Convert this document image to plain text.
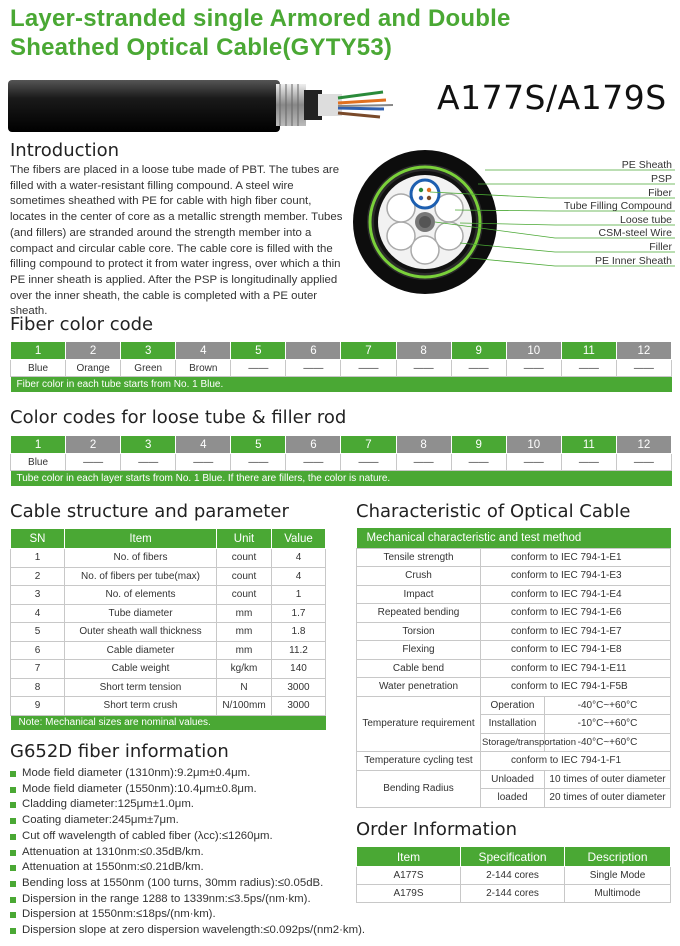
Layer-stranded single Armored and Double
Sheathed Optical Cable(GYTY53)
A177S/A179S
Introduction
The fibers are placed in a loose tube made of PBT. The tubes are filled with a water-resistant filling compound. A steel wire sometimes sheathed with PE for cable with high fiber count, locates in the center of core as a metallic strength member. Tubes (and fillers) are stranded around the strength member into a compact and circular cable core. The cable core is filled with the filling compound to protect it from water ingress, over which a thin PE inner sheath is applied. After the PSP is longitudinally applied over the inner sheath, the cable is completed with a PE outer sheath.
PE Sheath
PSP
Fiber
Tube Filling Compound
Loose tube
CSM-steel Wire
Filler
PE Inner Sheath
Fiber color code
1	2	3	4	5	6	7	8	9	10	11	12
Blue	Orange	Green	Brown	——	——	——	——	——	——	——	——
Fiber color in each tube starts from No. 1 Blue.											
Color codes for loose tube & filler rod
1	2	3	4	5	6	7	8	9	10	11	12
Blue	——	——	——	——	——	——	——	——	——	——	——
Tube color in each layer starts from No. 1 Blue. If there are fillers, the color is nature.											
Cable structure and parameter
SN	Item	Unit	Value
1	No. of fibers	count	4
2	No. of fibers per tube(max)	count	4
3	No. of elements	count	1
4	Tube diameter	mm	1.7
5	Outer sheath wall thickness	mm	1.8
6	Cable diameter	mm	11.2
7	Cable weight	kg/km	140
8	Short term tension	N	3000
9	Short term crush	N/100mm	3000
Note: Mechanical sizes are nominal values.			
G652D fiber information
Mode field diameter (1310nm):9.2μm±0.4μm.
Mode field diameter (1550nm):10.4μm±0.8μm.
Cladding diameter:125μm±1.0μm.
Coating diameter:245μm±7μm.
Cut off wavelength of cabled fiber (λcc):≤1260μm.
Attenuation at 1310nm:≤0.35dB/km.
Attenuation at 1550nm:≤0.21dB/km.
Bending loss at 1550nm (100 turns, 30mm radius):≤0.05dB.
Dispersion in the range 1288 to 1339nm:≤3.5ps/(nm·km).
Dispersion at 1550nm:≤18ps/(nm·km).
Dispersion slope at zero dispersion wavelength:≤0.092ps/(nm2·km).
Characteristic of Optical Cable
Mechanical characteristic and test method		
Tensile strength	conform to IEC 794-1-E1	
Crush	conform to IEC 794-1-E3	
Impact	conform to IEC 794-1-E4	
Repeated bending	conform to IEC 794-1-E6	
Torsion	conform to IEC 794-1-E7	
Flexing	conform to IEC 794-1-E8	
Cable bend	conform to IEC 794-1-E11	
Water penetration	conform to IEC 794-1-F5B	
Temperature requirement	Operation	-40°C~+60°C
	Installation	-10°C~+60°C
	Storage/transportation	-40°C~+60°C
Temperature cycling test	conform to IEC 794-1-F1	
Bending Radius	Unloaded	10 times of outer diameter
	loaded	20 times of outer diameter
Order Information
Item	Specification	Description
A177S	2-144 cores	Single Mode
A179S	2-144 cores	Multimode
